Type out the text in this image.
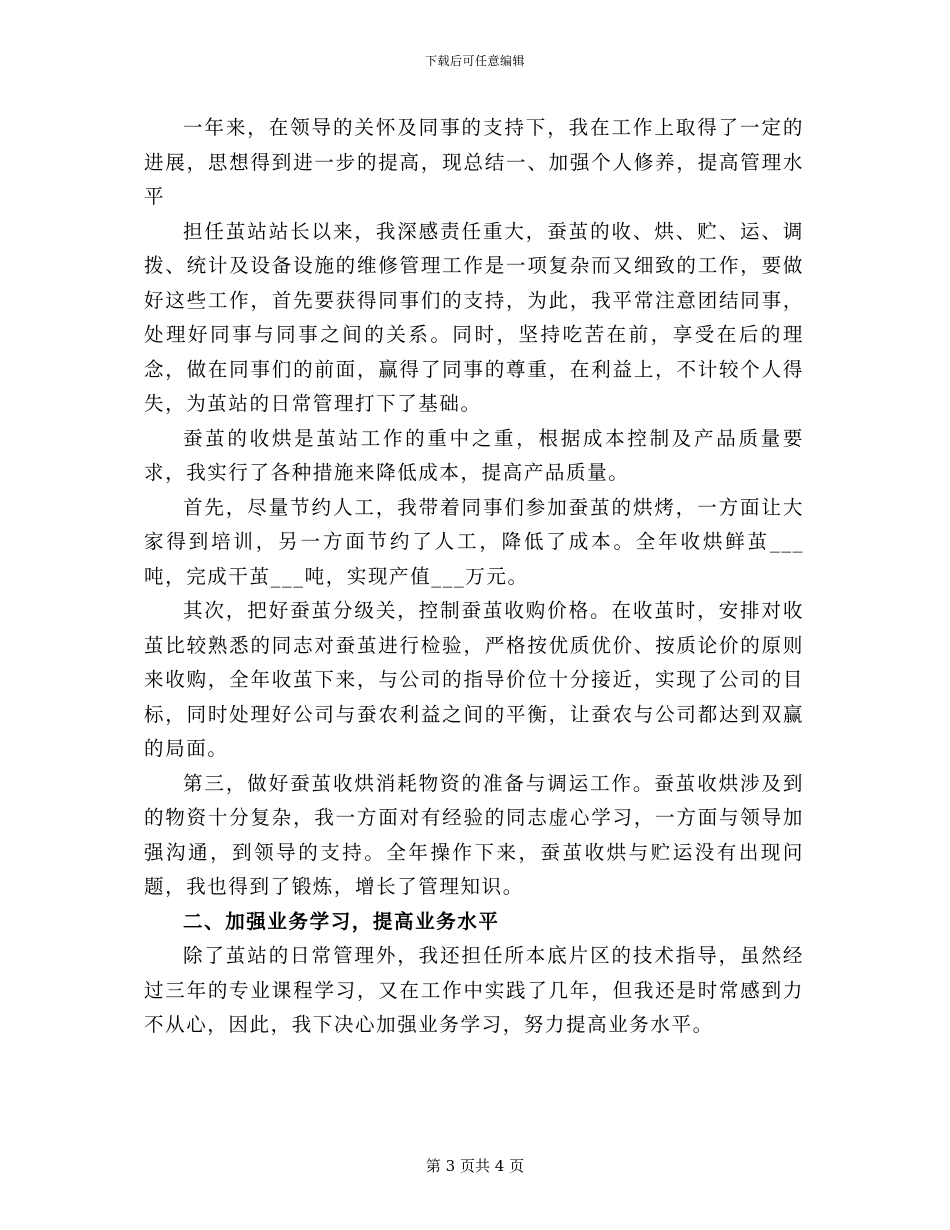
下载后可任意编辑

一年来，在领导的关怀及同事的支持下，我在工作上取得了一定的进展，思想得到进一步的提高，现总结一、加强个人修养，提高管理水平

担任茧站站长以来，我深感责任重大，蚕茧的收、烘、贮、运、调拨、统计及设备设施的维修管理工作是一项复杂而又细致的工作，要做好这些工作，首先要获得同事们的支持，为此，我平常注意团结同事，处理好同事与同事之间的关系。同时，坚持吃苦在前，享受在后的理念，做在同事们的前面，赢得了同事的尊重，在利益上，不计较个人得失，为茧站的日常管理打下了基础。

蚕茧的收烘是茧站工作的重中之重，根据成本控制及产品质量要求，我实行了各种措施来降低成本，提高产品质量。

首先，尽量节约人工，我带着同事们参加蚕茧的烘烤，一方面让大家得到培训，另一方面节约了人工，降低了成本。全年收烘鲜茧___吨，完成干茧___吨，实现产值___万元。

其次，把好蚕茧分级关，控制蚕茧收购价格。在收茧时，安排对收茧比较熟悉的同志对蚕茧进行检验，严格按优质优价、按质论价的原则来收购，全年收茧下来，与公司的指导价位十分接近，实现了公司的目标，同时处理好公司与蚕农利益之间的平衡，让蚕农与公司都达到双赢的局面。

第三，做好蚕茧收烘消耗物资的准备与调运工作。蚕茧收烘涉及到的物资十分复杂，我一方面对有经验的同志虚心学习，一方面与领导加强沟通，到领导的支持。全年操作下来，蚕茧收烘与贮运没有出现问题，我也得到了锻炼，增长了管理知识。

二、加强业务学习，提高业务水平

除了茧站的日常管理外，我还担任所本底片区的技术指导，虽然经过三年的专业课程学习，又在工作中实践了几年，但我还是时常感到力不从心，因此，我下决心加强业务学习，努力提高业务水平。

第 3 页共 4 页
